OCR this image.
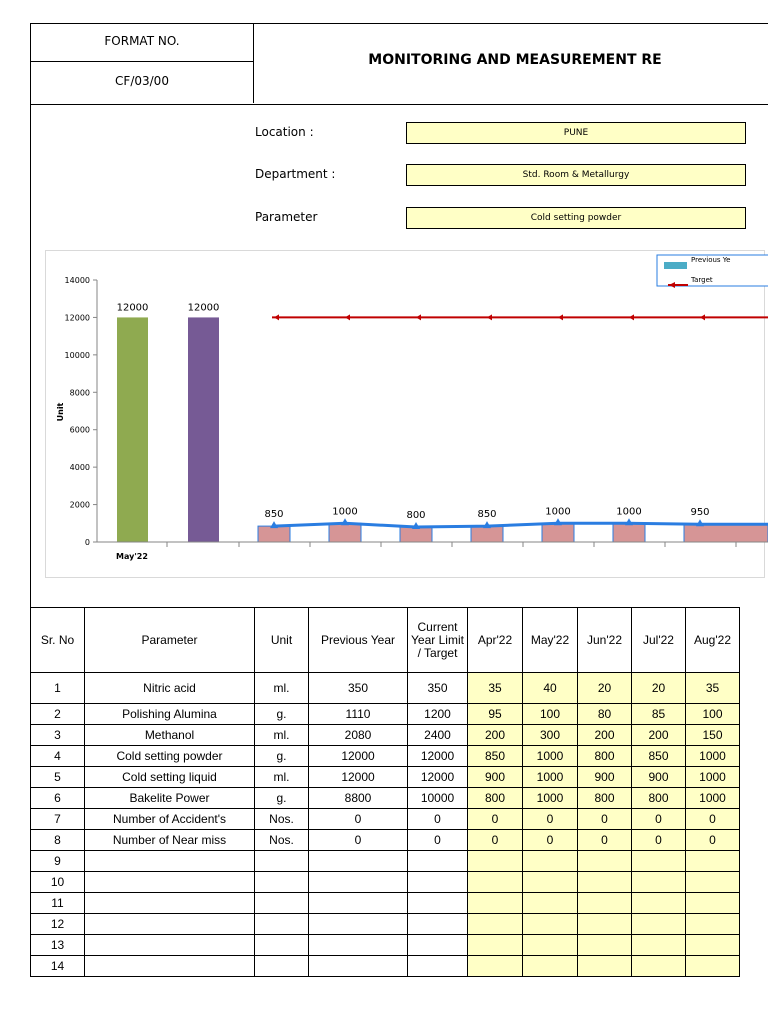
FORMAT NO.
CF/03/00
MONITORING AND MEASUREMENT RE
Location :	PUNE
Department :	Std. Room & Metallurgy
Parameter	Cold setting powder
0
2000
4000
6000
8000
10000
12000
14000
Unit
12000	12000
850	1000	800	850	1000	1000	950
May'22
Previous Ye
Target
Sr. No	Parameter	Unit	Previous Year	Current Year Limit / Target	Apr'22	May'22	Jun'22	Jul'22	Aug'22
1	Nitric acid	ml.	350	350	35	40	20	20	35
2	Polishing Alumina	g.	1110	1200	95	100	80	85	100
3	Methanol	ml.	2080	2400	200	300	200	200	150
4	Cold setting powder	g.	12000	12000	850	1000	800	850	1000
5	Cold setting liquid	ml.	12000	12000	900	1000	900	900	1000
6	Bakelite Power	g.	8800	10000	800	1000	800	800	1000
7	Number of Accident's	Nos.	0	0	0	0	0	0	0
8	Number of Near miss	Nos.	0	0	0	0	0	0	0
9									
10									
11									
12									
13									
14									
